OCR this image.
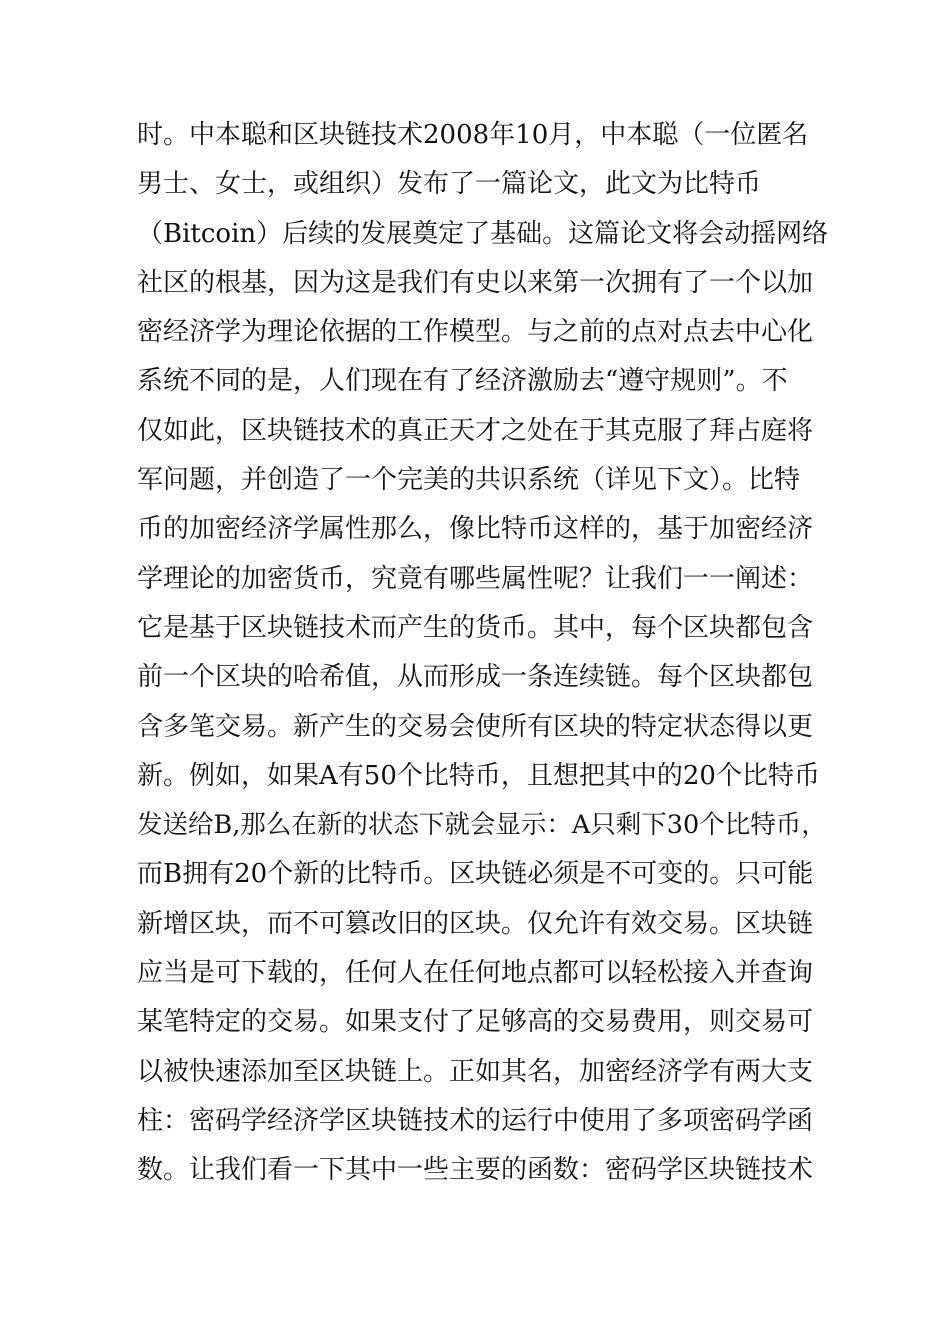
时。中本聪和区块链技术2008年10月，中本聪（一位匿名
男士、女士，或组织）发布了一篇论文，此文为比特币
（Bitcoin）后续的发展奠定了基础。这篇论文将会动摇网络
社区的根基，因为这是我们有史以来第一次拥有了一个以加
密经济学为理论依据的工作模型。与之前的点对点去中心化
系统不同的是，人们现在有了经济激励去“遵守规则”。不
仅如此，区块链技术的真正天才之处在于其克服了拜占庭将
军问题，并创造了一个完美的共识系统（详见下文）。比特
币的加密经济学属性那么，像比特币这样的，基于加密经济
学理论的加密货币，究竟有哪些属性呢？让我们一一阐述：
它是基于区块链技术而产生的货币。其中，每个区块都包含
前一个区块的哈希值，从而形成一条连续链。每个区块都包
含多笔交易。新产生的交易会使所有区块的特定状态得以更
新。例如，如果A有50个比特币，且想把其中的20个比特币
发送给B,那么在新的状态下就会显示：A只剩下30个比特币，
而B拥有20个新的比特币。区块链必须是不可变的。只可能
新增区块，而不可篡改旧的区块。仅允许有效交易。区块链
应当是可下载的，任何人在任何地点都可以轻松接入并查询
某笔特定的交易。如果支付了足够高的交易费用，则交易可
以被快速添加至区块链上。正如其名，加密经济学有两大支
柱：密码学经济学区块链技术的运行中使用了多项密码学函
数。让我们看一下其中一些主要的函数：密码学区块链技术
